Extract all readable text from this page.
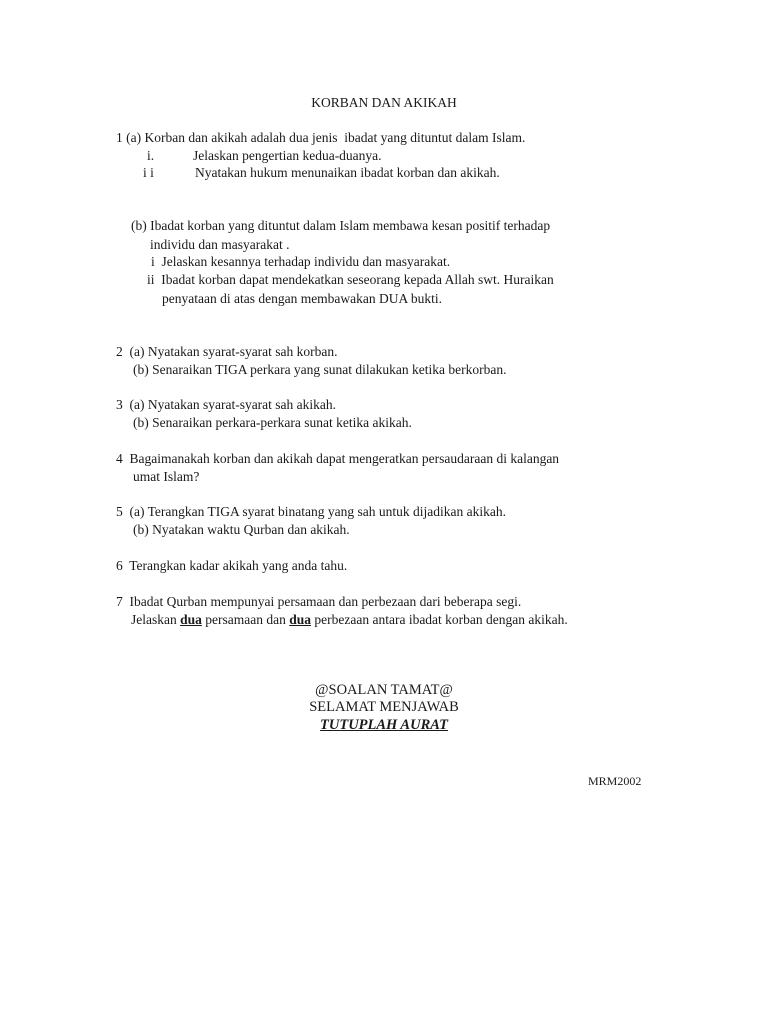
KORBAN DAN AKIKAH
1 (a) Korban dan akikah adalah dua jenis  ibadat yang dituntut dalam Islam.
i.	Jelaskan pengertian kedua-duanya.
i i	Nyatakan hukum menunaikan ibadat korban dan akikah.
(b) Ibadat korban yang dituntut dalam Islam membawa kesan positif terhadap
individu dan masyarakat .
i  Jelaskan kesannya terhadap individu dan masyarakat.
ii  Ibadat korban dapat mendekatkan seseorang kepada Allah swt. Huraikan
penyataan di atas dengan membawakan DUA bukti.
2  (a) Nyatakan syarat-syarat sah korban.
(b) Senaraikan TIGA perkara yang sunat dilakukan ketika berkorban.
3  (a) Nyatakan syarat-syarat sah akikah.
(b) Senaraikan perkara-perkara sunat ketika akikah.
4  Bagaimanakah korban dan akikah dapat mengeratkan persaudaraan di kalangan
umat Islam?
5  (a) Terangkan TIGA syarat binatang yang sah untuk dijadikan akikah.
(b) Nyatakan waktu Qurban dan akikah.
6  Terangkan kadar akikah yang anda tahu.
7  Ibadat Qurban mempunyai persamaan dan perbezaan dari beberapa segi.
Jelaskan dua persamaan dan dua perbezaan antara ibadat korban dengan akikah.
@SOALAN TAMAT@
SELAMAT MENJAWAB
TUTUPLAH AURAT
MRM2002
